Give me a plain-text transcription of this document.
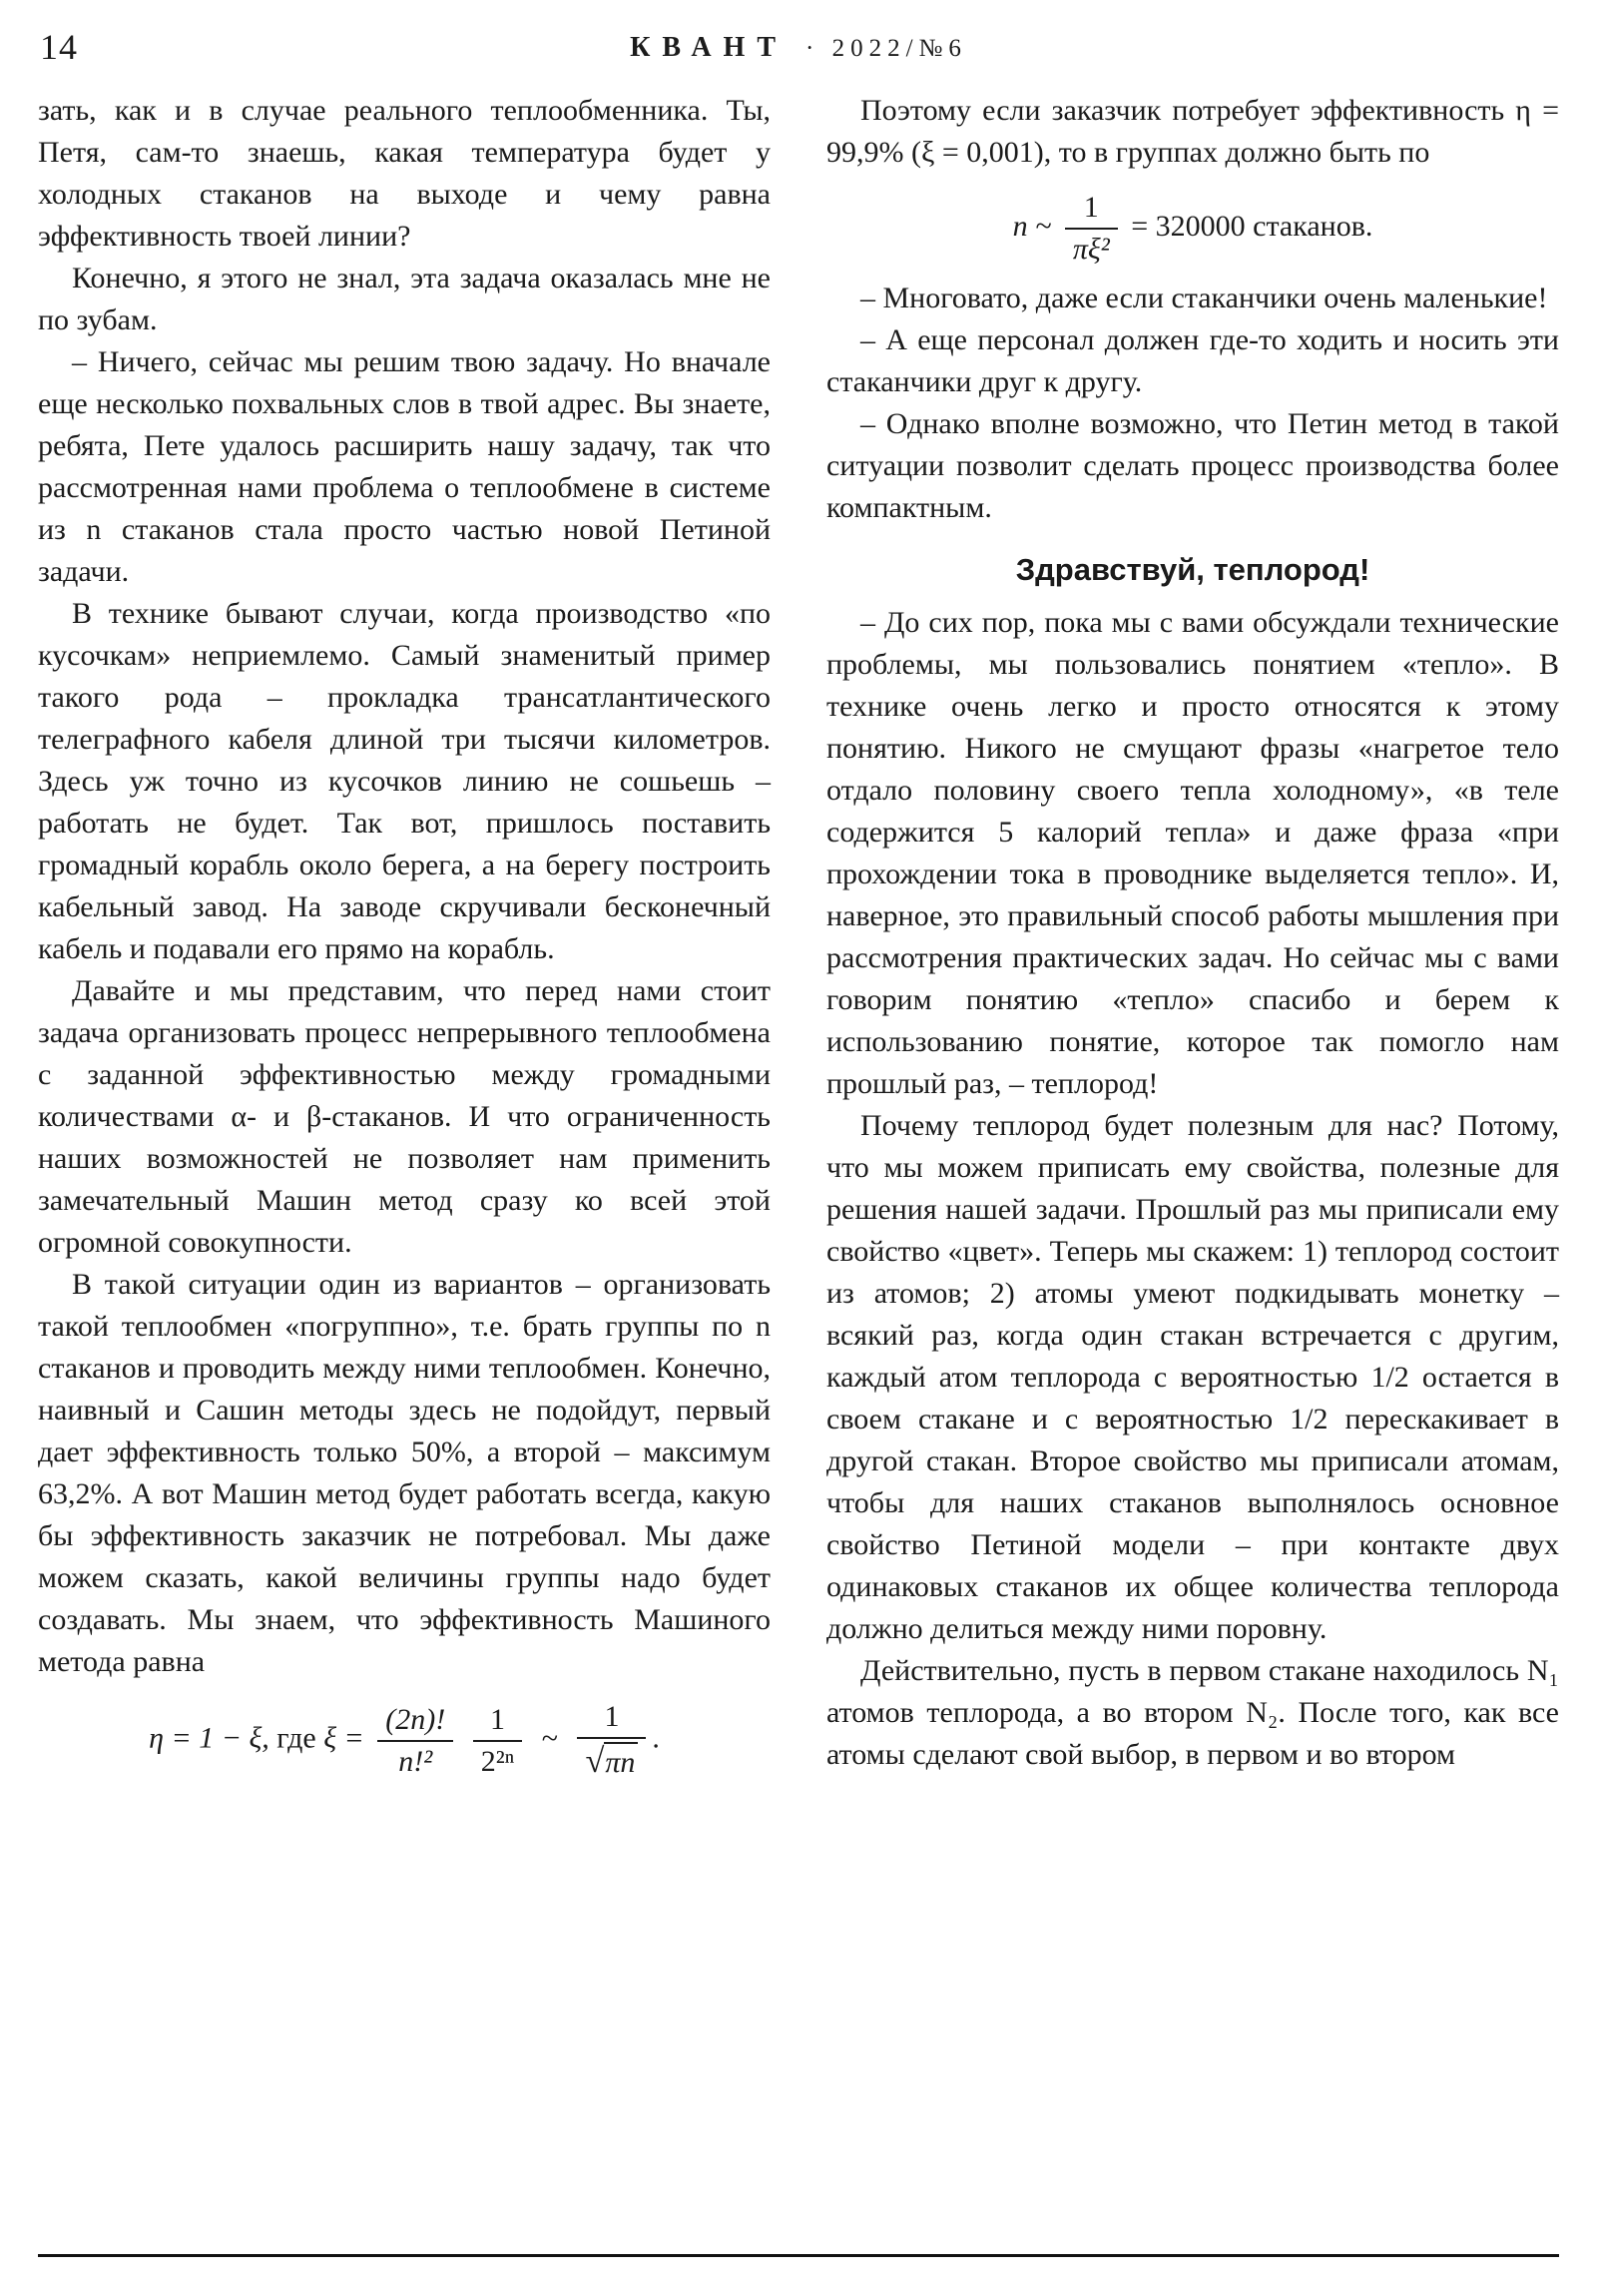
14	КВАНТ · 2022/№6

зать, как и в случае реального теплообменника. Ты, Петя, сам-то знаешь, какая температура будет у холодных стаканов на выходе и чему равна эффективность твоей линии?

Конечно, я этого не знал, эта задача оказалась мне не по зубам.

– Ничего, сейчас мы решим твою задачу. Но вначале еще несколько похвальных слов в твой адрес. Вы знаете, ребята, Пете удалось расширить нашу задачу, так что рассмотренная нами проблема о теплообмене в системе из n стаканов стала просто частью новой Петиной задачи.

В технике бывают случаи, когда производство «по кусочкам» неприемлемо. Самый знаменитый пример такого рода – прокладка трансатлантического телеграфного кабеля длиной три тысячи километров. Здесь уж точно из кусочков линию не сошьешь – работать не будет. Так вот, пришлось поставить громадный корабль около берега, а на берегу построить кабельный завод. На заводе скручивали бесконечный кабель и подавали его прямо на корабль.

Давайте и мы представим, что перед нами стоит задача организовать процесс непрерывного теплообмена с заданной эффективностью между громадными количествами α- и β-стаканов. И что ограниченность наших возможностей не позволяет нам применить замечательный Машин метод сразу ко всей этой огромной совокупности.

В такой ситуации один из вариантов – организовать такой теплообмен «погруппно», т.е. брать группы по n стаканов и проводить между ними теплообмен. Конечно, наивный и Сашин методы здесь не подойдут, первый дает эффективность только 50%, а второй – максимум 63,2%. А вот Машин метод будет работать всегда, какую бы эффективность заказчик не потребовал. Мы даже можем сказать, какой величины группы надо будет создавать. Мы знаем, что эффективность Машиного метода равна

η = 1 − ξ, где $\xi = \frac{(2n)!}{\text{n!²}}$
$\frac{1}{\text{2²ⁿ}}$ ~ $\frac{1}{√\pi n}$ .

Поэтому если заказчик потребует эффективность η = 99,9% (ξ = 0,001), то в группах должно быть по

n ~ $\frac{1}{\text{πξ²}} = 320000$ стаканов.

– Многовато, даже если стаканчики очень маленькие!

– А еще персонал должен где-то ходить и носить эти стаканчики друг к другу.

– Однако вполне возможно, что Петин метод в такой ситуации позволит сделать процесс производства более компактным.

Здравствуй, теплород!

– До сих пор, пока мы с вами обсуждали технические проблемы, мы пользовались понятием «тепло». В технике очень легко и просто относятся к этому понятию. Никого не смущают фразы «нагретое тело отдало половину своего тепла холодному», «в теле содержится 5 калорий тепла» и даже фраза «при прохождении тока в проводнике выделяется тепло». И, наверное, это правильный способ работы мышления при рассмотрения практических задач. Но сейчас мы с вами говорим понятию «тепло» спасибо и берем к использованию понятие, которое так помогло нам прошлый раз, – теплород!

Почему теплород будет полезным для нас? Потому, что мы можем приписать ему свойства, полезные для решения нашей задачи. Прошлый раз мы приписали ему свойство «цвет». Теперь мы скажем: 1) теплород состоит из атомов; 2) атомы умеют подкидывать монетку – всякий раз, когда один стакан встречается с другим, каждый атом теплорода с вероятностью 1/2 остается в своем стакане и с вероятностью 1/2 перескакивает в другой стакан. Второе свойство мы приписали атомам, чтобы для наших стаканов выполнялось основное свойство Петиной модели – при контакте двух одинаковых стаканов их общее количества теплорода должно делиться между ними поровну.

Действительно, пусть в первом стакане находилось N₁ атомов теплорода, а во втором N₂. После того, как все атомы сделают свой выбор, в первом и во втором
